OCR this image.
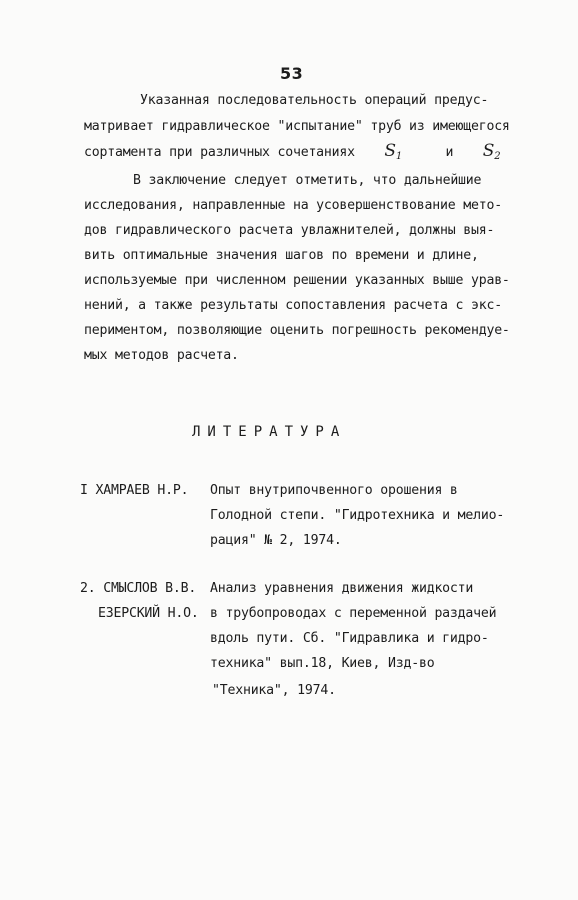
53
Указанная последовательность операций предус-
матривает гидравлическое "испытание" труб из имеющегося
сортамента при различных сочетаниях $S_1$	и $S_2$
В заключение следует отметить, что дальнейшие
исследования, направленные на усовершенствование мето-
дов гидравлического расчета увлажнителей, должны выя-
вить оптимальные значения шагов по времени и длине,
используемые при численном решении указанных выше урав-
нений, а также результаты сопоставления расчета с экс-
периментом, позволяющие оценить погрешность рекомендуе-
мых методов расчета.
ЛИТЕРАТУРА
I ХАМРАЕВ Н.Р. Опыт внутрипочвенного орошения в
Голодной степи. "Гидротехника и мелио-
рация" № 2, 1974.
2. СМЫСЛОВ В.В.
ЕЗЕРСКИЙ Н.О.
Анализ уравнения движения жидкости
в трубопроводах с переменной раздачей
вдоль пути. Сб. "Гидравлика и гидро-
техника" вып.18, Киев, Изд-во
"Техника", 1974.
